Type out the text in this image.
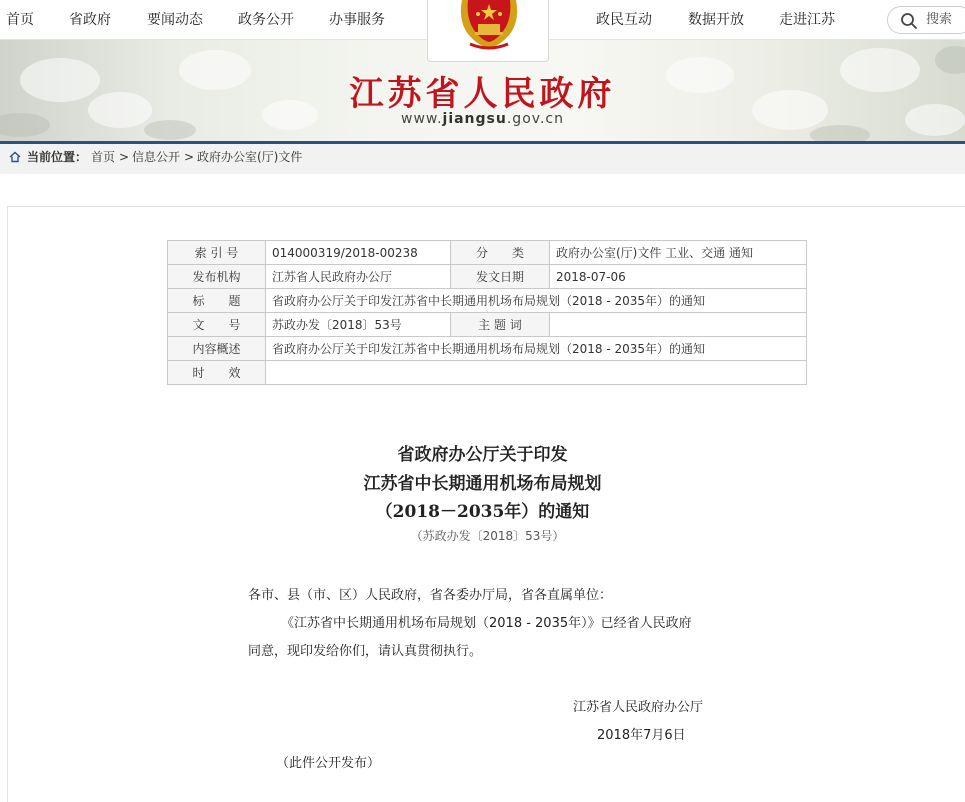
首页	省政府	要闻动态	政务公开	办事服务	政民互动	数据开放	走进江苏	搜索
江苏省人民政府
www.jiangsu.gov.cn
当前位置： 首页 > 信息公开 > 政府办公室(厅)文件
索 引 号	014000319/2018-00238	分　　类	政府办公室(厅)文件 工业、交通 通知
发布机构	江苏省人民政府办公厅	发文日期	2018-07-06
标　　题	省政府办公厅关于印发江苏省中长期通用机场布局规划（2018 - 2035年）的通知		
文　　号	苏政办发〔2018〕53号	主 题 词	
内容概述	省政府办公厅关于印发江苏省中长期通用机场布局规划（2018 - 2035年）的通知		
时　　效			
省政府办公厅关于印发
江苏省中长期通用机场布局规划
（2018－2035年）的通知
（苏政办发〔2018〕53号）
各市、县（市、区）人民政府，省各委办厅局，省各直属单位：
《江苏省中长期通用机场布局规划（2018 - 2035年）》已经省人民政府
同意，现印发给你们，请认真贯彻执行。
江苏省人民政府办公厅
2018年7月6日
（此件公开发布）
